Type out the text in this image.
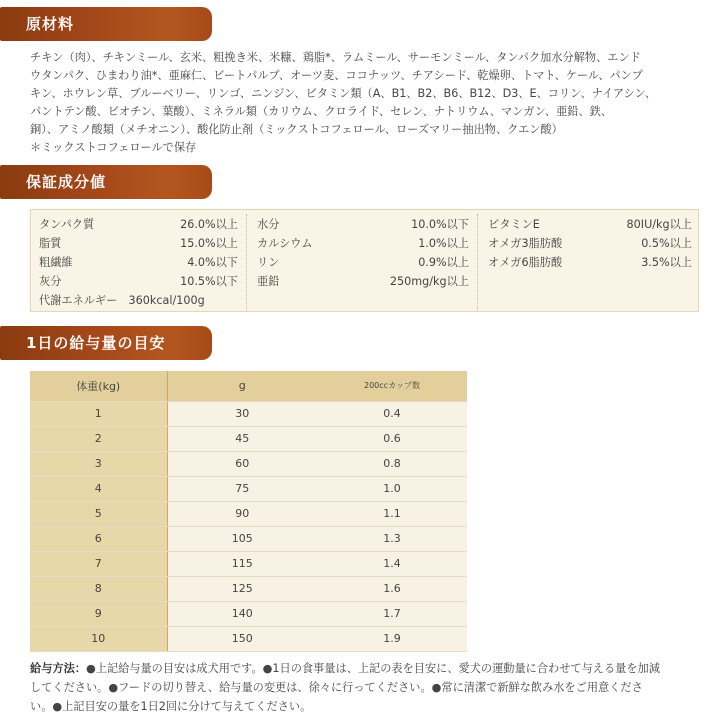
原材料

チキン（肉）、チキンミール、玄米、粗挽き米、米糠、鶏脂*、ラムミール、サーモンミール、タンパク加水分解物、エンド

ウタンパク、ひまわり油*、亜麻仁、ビートパルプ、オーツ麦、ココナッツ、チアシード、乾燥卵、トマト、ケール、パンプ

キン、ホウレン草、ブルーベリー、リンゴ、ニンジン、ビタミン類（A、B1、B2、B6、B12、D3、E、コリン、ナイアシン、

パントテン酸、ビオチン、葉酸）、ミネラル類（カリウム、クロライド、セレン、ナトリウム、マンガン、亜鉛、鉄、

銅）、アミノ酸類（メチオニン）、酸化防止剤（ミックストコフェロール、ローズマリー抽出物、クエン酸）

＊ミックストコフェロールで保存

保証成分値
タンパク質	26.0%以上
脂質	15.0%以上
粗繊維	4.0%以下
灰分	10.5%以下
代謝エネルギー　360kcal/100g
水分	10.0%以下
カルシウム	1.0%以上
リン	0.9%以上
亜鉛	250mg/kg以上
ビタミンE	80IU/kg以上
オメガ3脂肪酸	0.5%以上
オメガ6脂肪酸	3.5%以上
1日の給与量の目安
体重(kg)	g	200ccカップ数
1	30	0.4
2	45	0.6
3	60	0.8
4	75	1.0
5	90	1.1
6	105	1.3
7	115	1.4
8	125	1.6
9	140	1.7
10	150	1.9

給与方法：●上記給与量の目安は成犬用です。●1日の食事量は、上記の表を目安に、愛犬の運動量に合わせて与える量を加減

してください。●フードの切り替え、給与量の変更は、徐々に行ってください。●常に清潔で新鮮な飲み水をご用意くださ

い。●上記目安の量を1日2回に分けて与えてください。
